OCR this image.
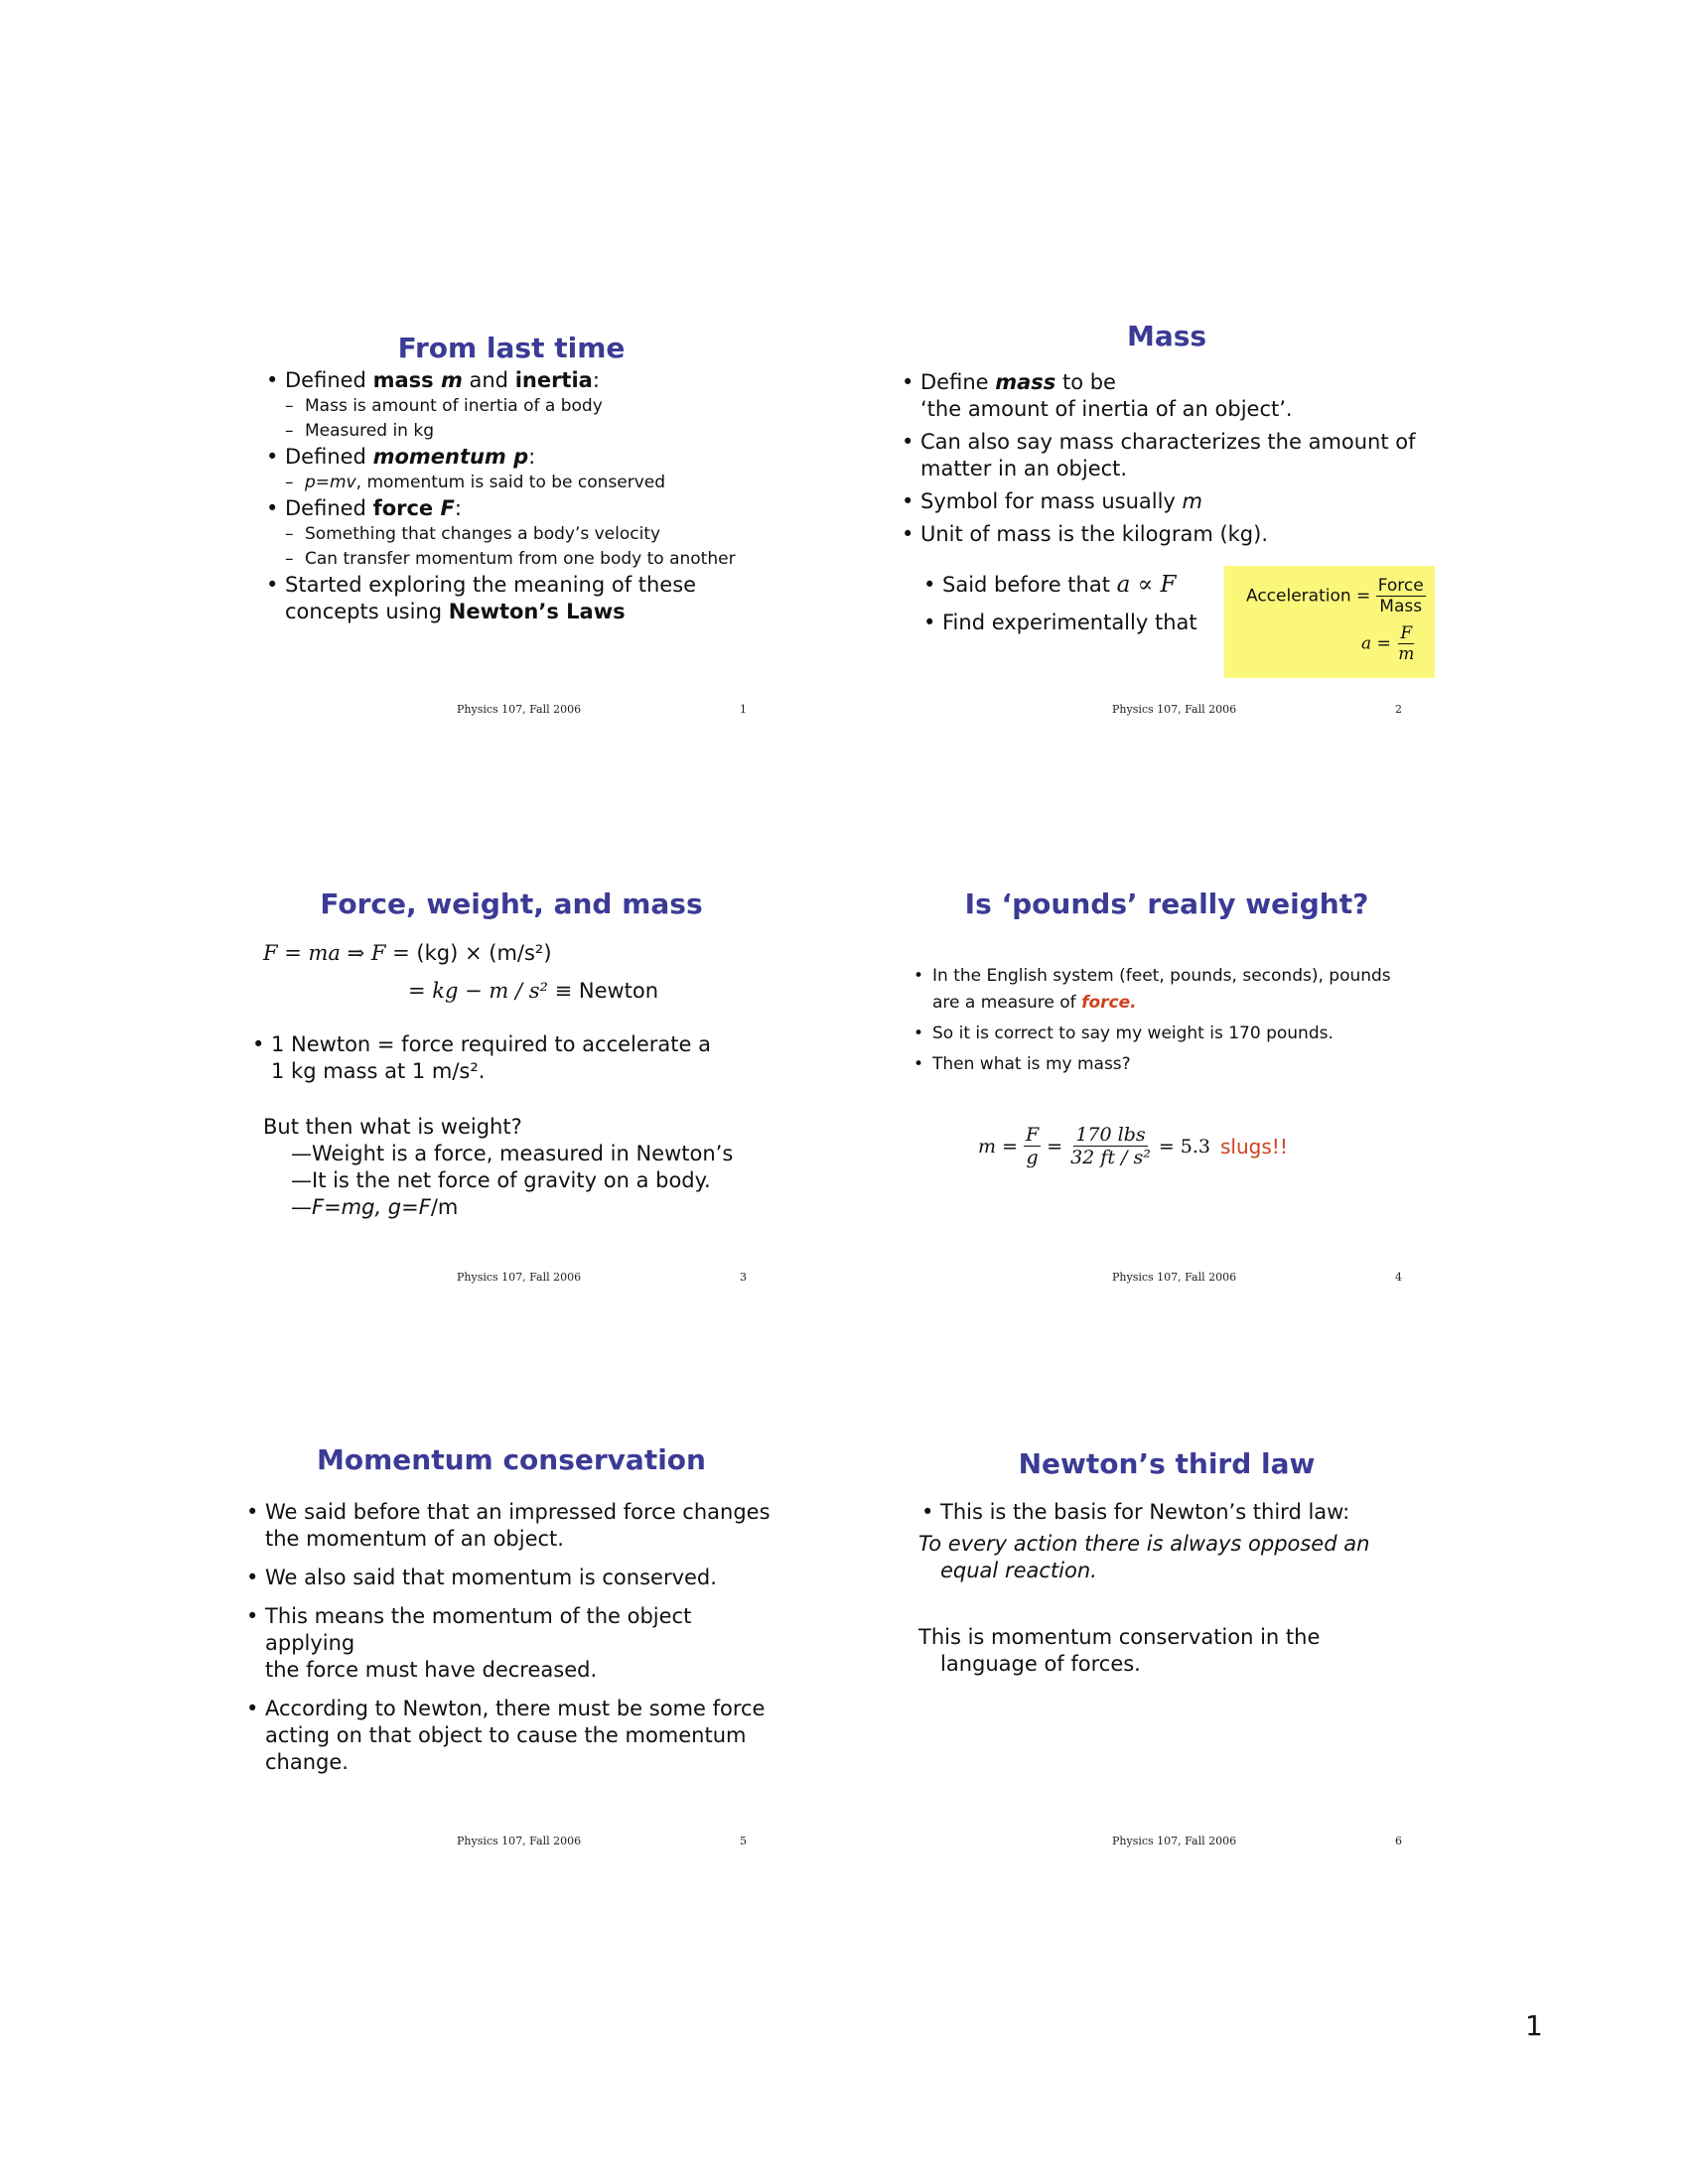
From last time
• Defined mass m and inertia:
– Mass is amount of inertia of a body
– Measured in kg
• Defined momentum p:
– p=mv, momentum is said to be conserved
• Defined force F:
– Something that changes a body’s velocity
– Can transfer momentum from one body to another
• Started exploring the meaning of these
concepts using Newton’s Laws
Physics 107, Fall 2006	1
Mass
• Define mass to be
‘the amount of inertia of an object’.
• Can also say mass characterizes the amount of
matter in an object.
• Symbol for mass usually m
• Unit of mass is the kilogram (kg).
• Said before that a ∝ F
• Find experimentally that
Acceleration = $\frac{\text{Force}}{\text{Mass}}$
$a = \frac{F}{m}$
Physics 107, Fall 2006	2
Force, weight, and mass
F = ma ⇒ F = (kg) × (m/s²)
= kg − m / s² ≡ Newton
• 1 Newton = force required to accelerate a
1 kg mass at 1 m/s².
But then what is weight?
—Weight is a force, measured in Newton’s
—It is the net force of gravity on a body.
—F=mg, g=F/m
Physics 107, Fall 2006	3
Is ‘pounds’ really weight?
• In the English system (feet, pounds, seconds), pounds
are a measure of force.
• So it is correct to say my weight is 170 pounds.
• Then what is my mass?
$m = \frac{F}{g} = \frac{\text{170 lbs}}{\text{32 ft / s²}} = 5.3$ slugs!!
Physics 107, Fall 2006	4
Momentum conservation
• We said before that an impressed force changes
the momentum of an object.
• We also said that momentum is conserved.
• This means the momentum of the object applying
the force must have decreased.
• According to Newton, there must be some force
acting on that object to cause the momentum
change.
Physics 107, Fall 2006	5
Newton’s third law
• This is the basis for Newton’s third law:
To every action there is always opposed an
equal reaction.
This is momentum conservation in the
language of forces.
Physics 107, Fall 2006	6
1
